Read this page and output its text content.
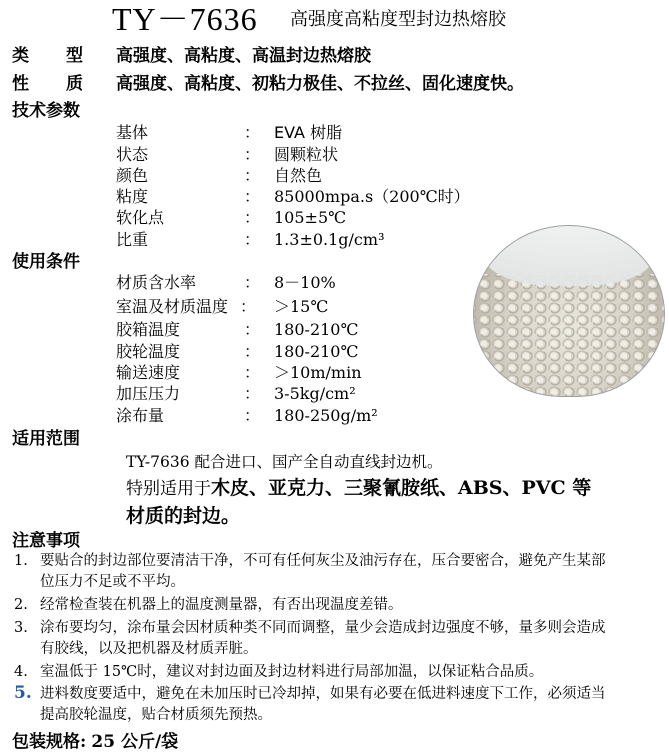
TY－7636 高强度高粘度型封边热熔胶
类　　型 高强度、高粘度、高温封边热熔胶
性　　质 高强度、高粘度、初粘力极佳、不拉丝、固化速度快。
技术参数
基体	： EVA 树脂
状态	： 圆颗粒状
颜色	： 自然色
粘度	： 85000mpa.s（200℃时）
软化点	： 105±5℃
比重	： 1.3±0.1g/cm³
使用条件
材质含水率	： 8－10%
室温及材质温度 ： ＞15℃
胶箱温度	： 180-210℃
胶轮温度	： 180-210℃
输送速度	： ＞10m/min
加压压力	： 3-5kg/cm²
涂布量	： 180-250g/m²
适用范围
TY-7636 配合进口、国产全自动直线封边机。
特别适用于木皮、亚克力、三聚氰胺纸、ABS、PVC 等
材质的封边。
注意事项
1. 要贴合的封边部位要清洁干净，不可有任何灰尘及油污存在，压合要密合，避免产生某部
位压力不足或不平均。
2. 经常检查装在机器上的温度测量器，有否出现温度差错。
3. 涂布要均匀，涂布量会因材质种类不同而调整，量少会造成封边强度不够，量多则会造成
有胶线，以及把机器及材质弄脏。
4. 室温低于 15℃时，建议对封边面及封边材料进行局部加温，以保证粘合品质。
5. 进料数度要适中，避免在未加压时已冷却掉，如果有必要在低进料速度下工作，必须适当
提高胶轮温度，贴合材质须先预热。
包装规格: 25 公斤/袋
